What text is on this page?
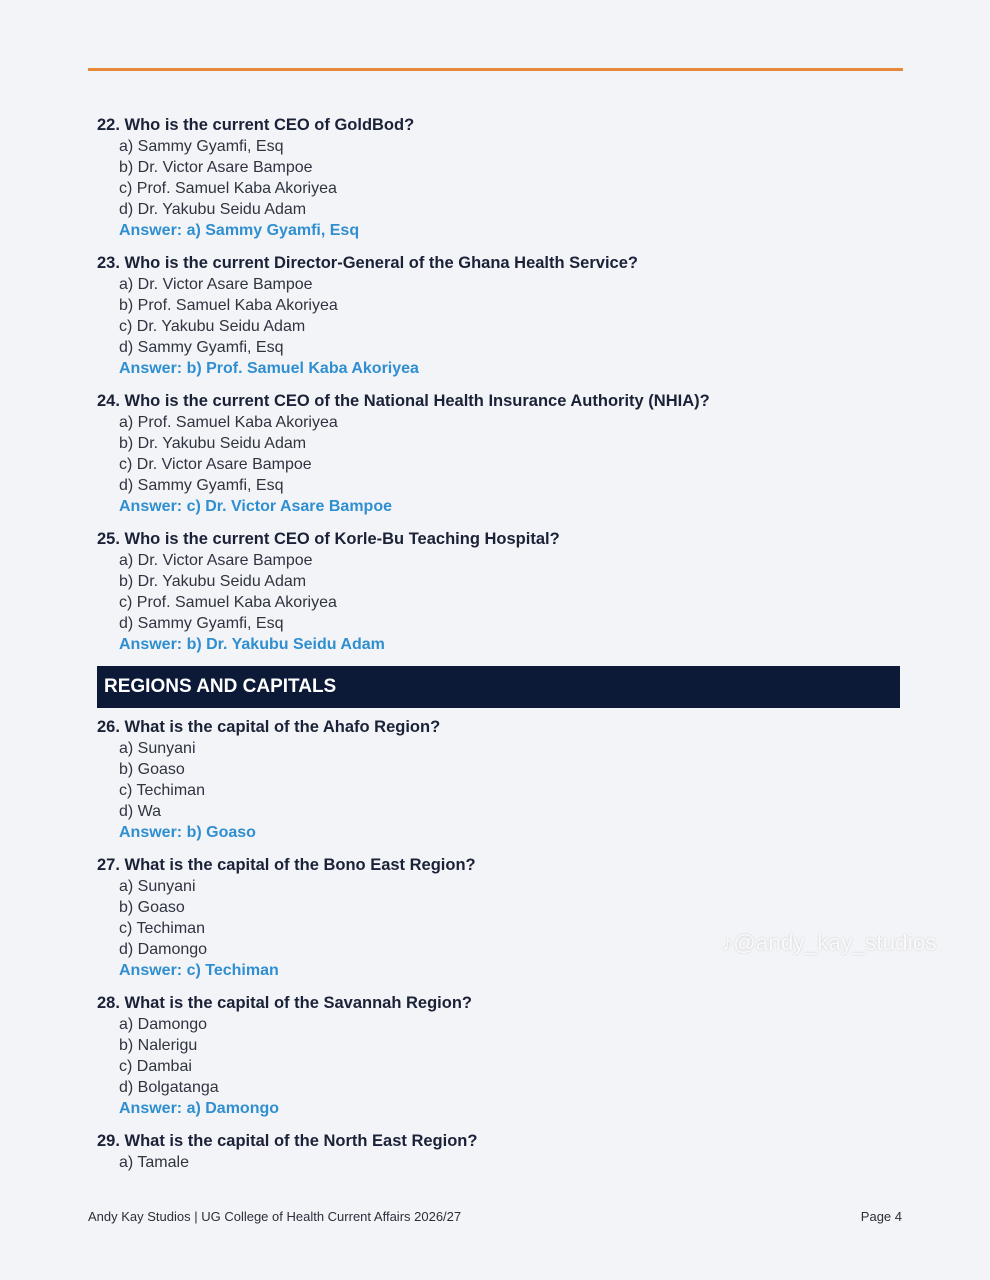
22. Who is the current CEO of GoldBod?

a) Sammy Gyamfi, Esq

b) Dr. Victor Asare Bampoe

c) Prof. Samuel Kaba Akoriyea

d) Dr. Yakubu Seidu Adam

Answer: a) Sammy Gyamfi, Esq

23. Who is the current Director-General of the Ghana Health Service?

a) Dr. Victor Asare Bampoe

b) Prof. Samuel Kaba Akoriyea

c) Dr. Yakubu Seidu Adam

d) Sammy Gyamfi, Esq

Answer: b) Prof. Samuel Kaba Akoriyea

24. Who is the current CEO of the National Health Insurance Authority (NHIA)?

a) Prof. Samuel Kaba Akoriyea

b) Dr. Yakubu Seidu Adam

c) Dr. Victor Asare Bampoe

d) Sammy Gyamfi, Esq

Answer: c) Dr. Victor Asare Bampoe

25. Who is the current CEO of Korle-Bu Teaching Hospital?

a) Dr. Victor Asare Bampoe

b) Dr. Yakubu Seidu Adam

c) Prof. Samuel Kaba Akoriyea

d) Sammy Gyamfi, Esq

Answer: b) Dr. Yakubu Seidu Adam

REGIONS AND CAPITALS

26. What is the capital of the Ahafo Region?

a) Sunyani

b) Goaso

c) Techiman

d) Wa

Answer: b) Goaso

27. What is the capital of the Bono East Region?

a) Sunyani

b) Goaso

c) Techiman

d) Damongo

Answer: c) Techiman

28. What is the capital of the Savannah Region?

a) Damongo

b) Nalerigu

c) Dambai

d) Bolgatanga

Answer: a) Damongo

29. What is the capital of the North East Region?

a) Tamale

♪@andy_kay_studios
Andy Kay Studios | UG College of Health Current Affairs 2026/27	Page 4
